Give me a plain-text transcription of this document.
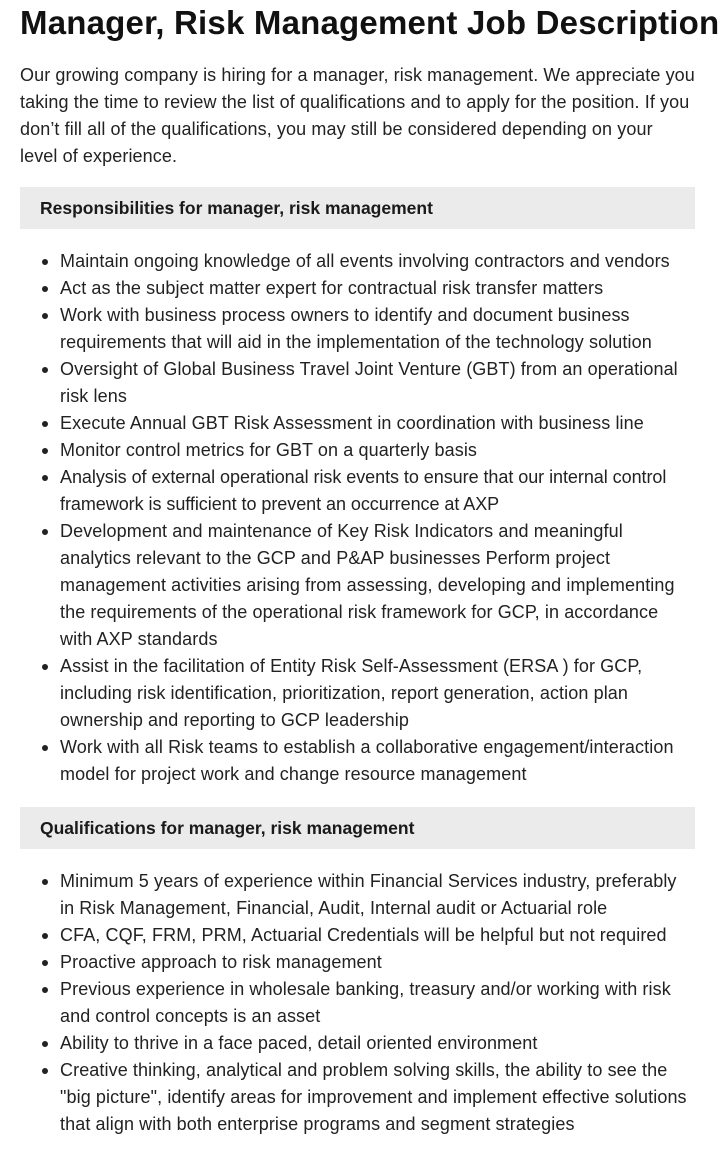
Manager, Risk Management Job Description

Our growing company is hiring for a manager, risk management. We appreciate you taking the time to review the list of qualifications and to apply for the position. If you don’t fill all of the qualifications, you may still be considered depending on your level of experience.

Responsibilities for manager, risk management
Maintain ongoing knowledge of all events involving contractors and vendors
Act as the subject matter expert for contractual risk transfer matters
Work with business process owners to identify and document business requirements that will aid in the implementation of the technology solution
Oversight of Global Business Travel Joint Venture (GBT) from an operational risk lens
Execute Annual GBT Risk Assessment in coordination with business line
Monitor control metrics for GBT on a quarterly basis
Analysis of external operational risk events to ensure that our internal control framework is sufficient to prevent an occurrence at AXP
Development and maintenance of Key Risk Indicators and meaningful analytics relevant to the GCP and P&AP businesses Perform project management activities arising from assessing, developing and implementing the requirements of the operational risk framework for GCP, in accordance with AXP standards
Assist in the facilitation of Entity Risk Self-Assessment (ERSA ) for GCP, including risk identification, prioritization, report generation, action plan ownership and reporting to GCP leadership
Work with all Risk teams to establish a collaborative engagement/interaction model for project work and change resource management
Qualifications for manager, risk management
Minimum 5 years of experience within Financial Services industry, preferably in Risk Management, Financial, Audit, Internal audit or Actuarial role
CFA, CQF, FRM, PRM, Actuarial Credentials will be helpful but not required
Proactive approach to risk management
Previous experience in wholesale banking, treasury and/or working with risk and control concepts is an asset
Ability to thrive in a face paced, detail oriented environment
Creative thinking, analytical and problem solving skills, the ability to see the "big picture", identify areas for improvement and implement effective solutions that align with both enterprise programs and segment strategies
